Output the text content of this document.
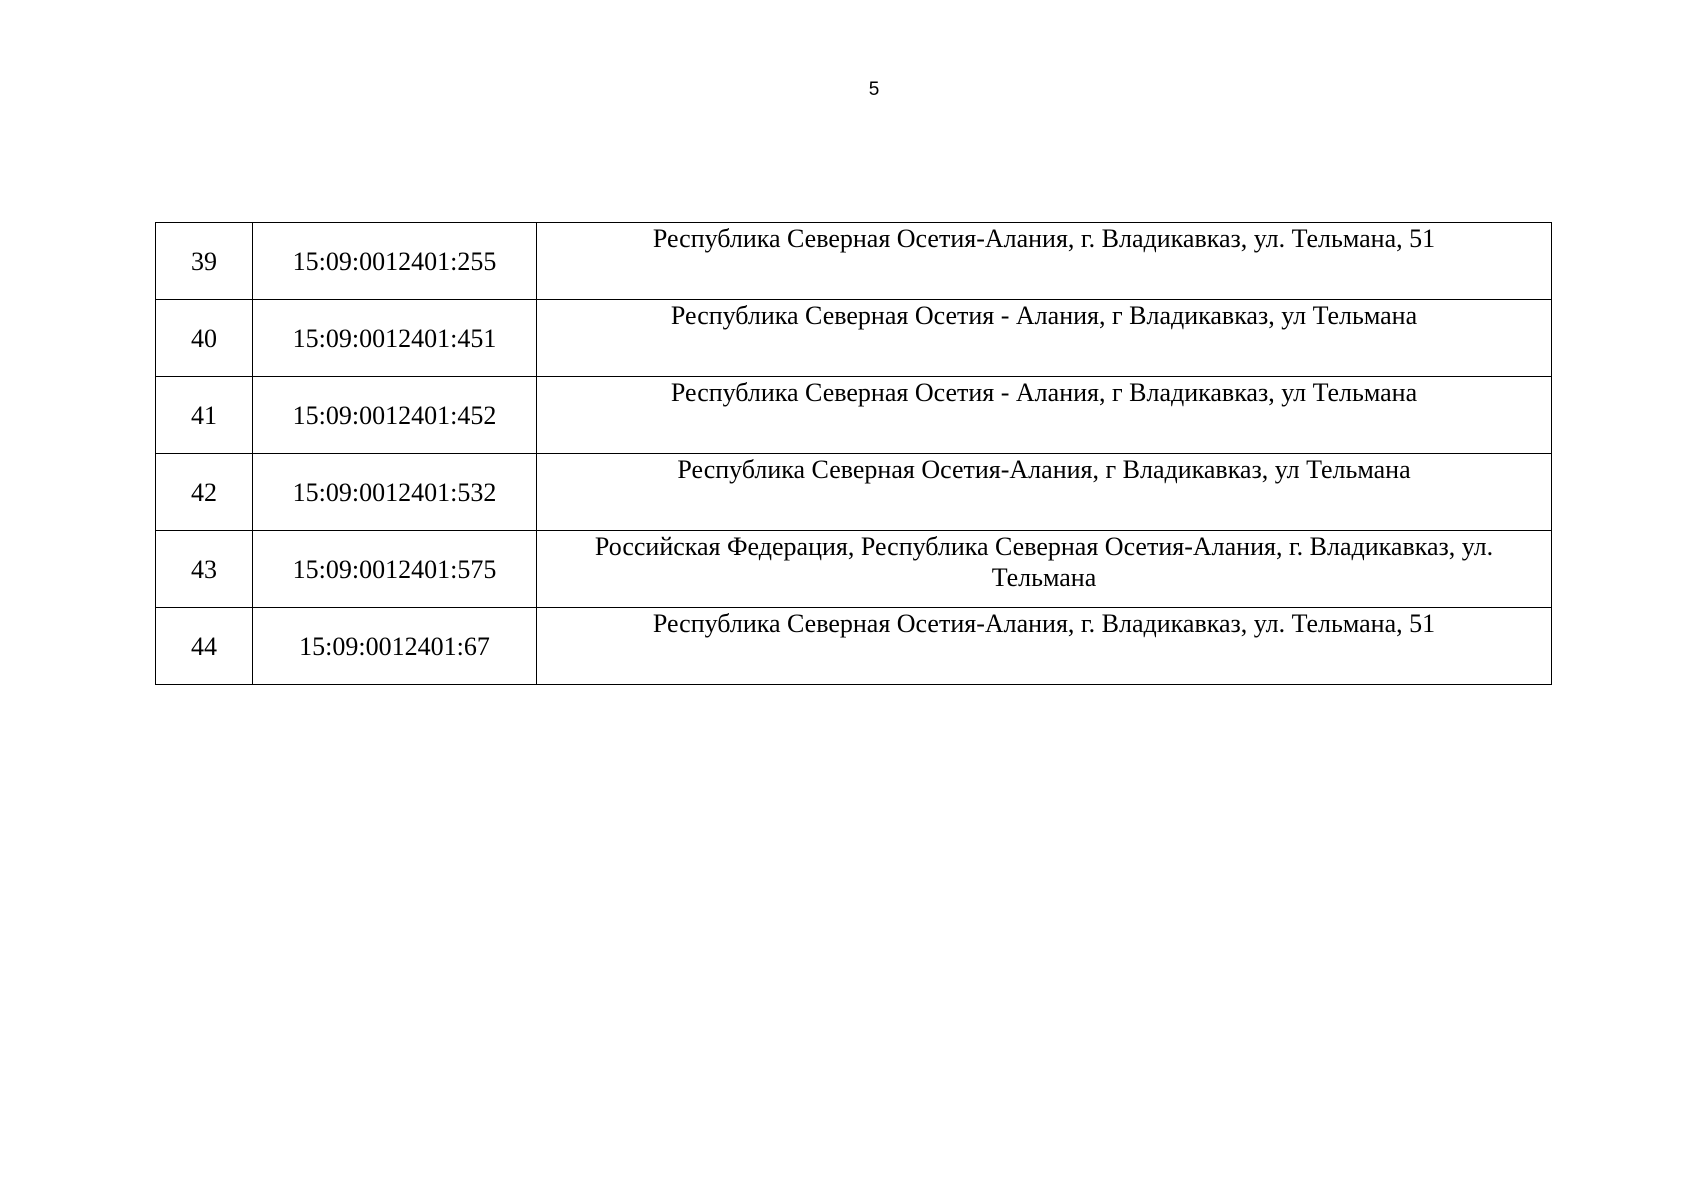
5
39	15:09:0012401:255	Республика Северная Осетия-Алания, г. Владикавказ, ул. Тельмана, 51
40	15:09:0012401:451	Республика Северная Осетия - Алания, г Владикавказ, ул Тельмана
41	15:09:0012401:452	Республика Северная Осетия - Алания, г Владикавказ, ул Тельмана
42	15:09:0012401:532	Республика Северная Осетия-Алания, г Владикавказ, ул Тельмана
43	15:09:0012401:575	Российская Федерация, Республика Северная Осетия-Алания, г. Владикавказ, ул. Тельмана
44	15:09:0012401:67	Республика Северная Осетия-Алания, г. Владикавказ, ул. Тельмана, 51
